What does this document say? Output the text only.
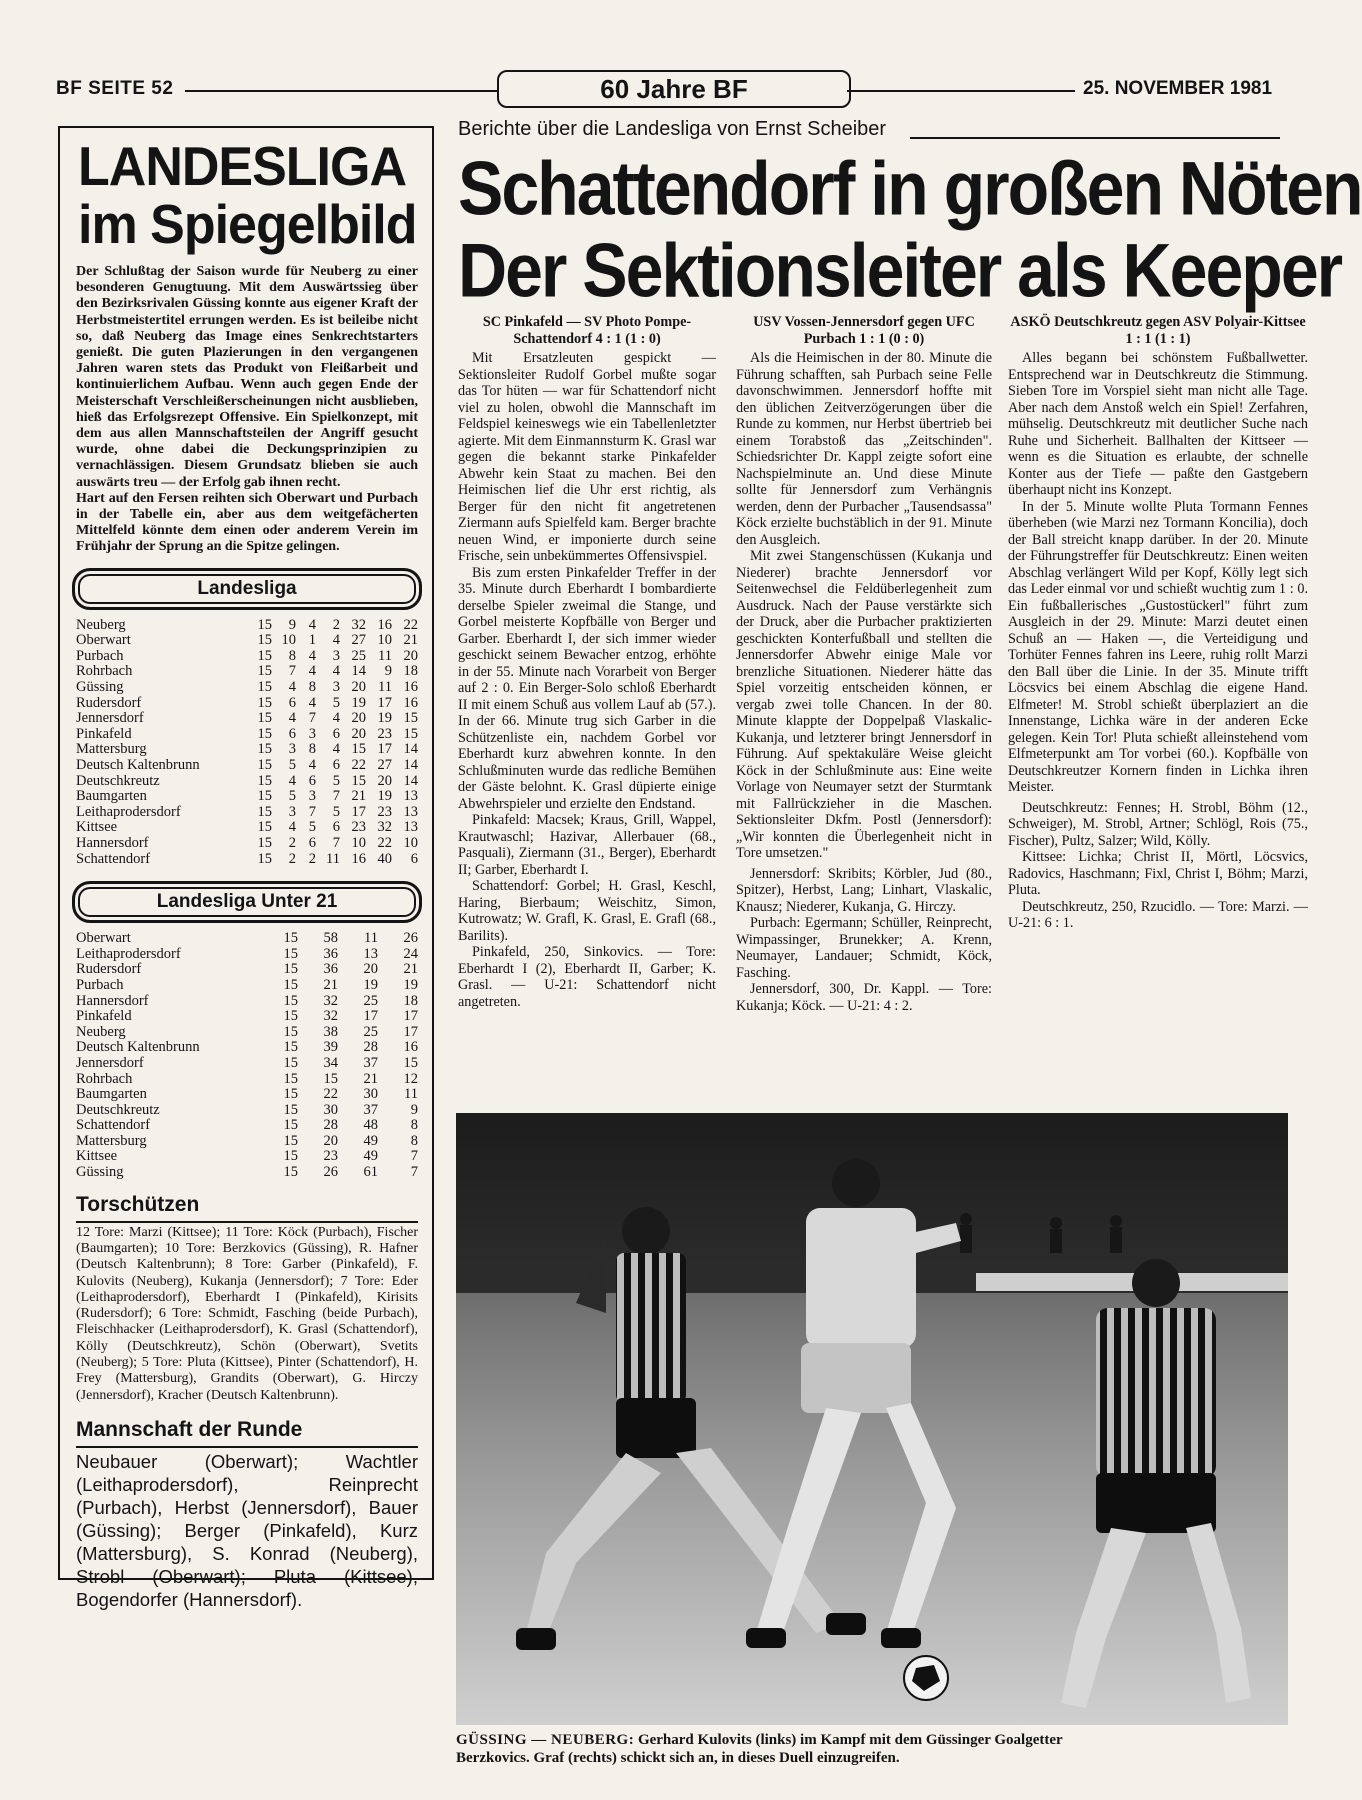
BF SEITE 52	60 Jahre BF	25. NOVEMBER 1981
Berichte über die Landesliga von Ernst Scheiber
Schattendorf in großen Nöten
Der Sektionsleiter als Keeper
LANDESLIGA
im Spiegelbild
Der Schlußtag der Saison wurde für Neuberg zu einer besonderen Genugtuung. Mit dem Auswärtssieg über den Bezirksrivalen Güssing konnte aus eigener Kraft der Herbstmeistertitel errungen werden. Es ist beileibe nicht so, daß Neuberg das Image eines Senkrechtstarters genießt. Die guten Plazierungen in den vergangenen Jahren waren stets das Produkt von Fleißarbeit und kontinuierlichem Aufbau. Wenn auch gegen Ende der Meisterschaft Verschleißerscheinungen nicht ausblieben, hieß das Erfolgsrezept Offensive. Ein Spielkonzept, mit dem aus allen Mannschaftsteilen der Angriff gesucht wurde, ohne dabei die Deckungsprinzipien zu vernachlässigen. Diesem Grundsatz blieben sie auch auswärts treu — der Erfolg gab ihnen recht.
Hart auf den Fersen reihten sich Oberwart und Purbach in der Tabelle ein, aber aus dem weitgefächerten Mittelfeld könnte dem einen oder anderem Verein im Frühjahr der Sprung an die Spitze gelingen.
Landesliga
Neuberg	15	9	4	2	32	16	22
Oberwart	15	10	1	4	27	10	21
Purbach	15	8	4	3	25	11	20
Rohrbach	15	7	4	4	14	9	18
Güssing	15	4	8	3	20	11	16
Rudersdorf	15	6	4	5	19	17	16
Jennersdorf	15	4	7	4	20	19	15
Pinkafeld	15	6	3	6	20	23	15
Mattersburg	15	3	8	4	15	17	14
Deutsch Kaltenbrunn	15	5	4	6	22	27	14
Deutschkreutz	15	4	6	5	15	20	14
Baumgarten	15	5	3	7	21	19	13
Leithaprodersdorf	15	3	7	5	17	23	13
Kittsee	15	4	5	6	23	32	13
Hannersdorf	15	2	6	7	10	22	10
Schattendorf	15	2	2	11	16	40	6
Landesliga Unter 21
Oberwart	15	58	11	26
Leithaprodersdorf	15	36	13	24
Rudersdorf	15	36	20	21
Purbach	15	21	19	19
Hannersdorf	15	32	25	18
Pinkafeld	15	32	17	17
Neuberg	15	38	25	17
Deutsch Kaltenbrunn	15	39	28	16
Jennersdorf	15	34	37	15
Rohrbach	15	15	21	12
Baumgarten	15	22	30	11
Deutschkreutz	15	30	37	9
Schattendorf	15	28	48	8
Mattersburg	15	20	49	8
Kittsee	15	23	49	7
Güssing	15	26	61	7
Torschützen
12 Tore: Marzi (Kittsee); 11 Tore: Köck (Purbach), Fischer (Baumgarten); 10 Tore: Berzkovics (Güssing), R. Hafner (Deutsch Kaltenbrunn); 8 Tore: Garber (Pinkafeld), F. Kulovits (Neuberg), Kukanja (Jennersdorf); 7 Tore: Eder (Leithaprodersdorf), Eberhardt I (Pinkafeld), Kirisits (Rudersdorf); 6 Tore: Schmidt, Fasching (beide Purbach), Fleischhacker (Leithaprodersdorf), K. Grasl (Schattendorf), Kölly (Deutschkreutz), Schön (Oberwart), Svetits (Neuberg); 5 Tore: Pluta (Kittsee), Pinter (Schattendorf), H. Frey (Mattersburg), Grandits (Oberwart), G. Hirczy (Jennersdorf), Kracher (Deutsch Kaltenbrunn).
Mannschaft der Runde
Neubauer (Oberwart); Wachtler (Leithaprodersdorf), Reinprecht (Purbach), Herbst (Jennersdorf), Bauer (Güssing); Berger (Pinkafeld), Kurz (Mattersburg), S. Konrad (Neuberg), Strobl (Oberwart); Pluta (Kittsee), Bogendorfer (Hannersdorf).
SC Pinkafeld — SV Photo Pompe-Schattendorf 4 : 1 (1 : 0)

Mit Ersatzleuten gespickt — Sektionsleiter Rudolf Gorbel mußte sogar das Tor hüten — war für Schattendorf nicht viel zu holen, obwohl die Mannschaft im Feldspiel keineswegs wie ein Tabellenletzter agierte. Mit dem Einmannsturm K. Grasl war gegen die bekannt starke Pinkafelder Abwehr kein Staat zu machen. Bei den Heimischen lief die Uhr erst richtig, als Berger für den nicht fit angetretenen Ziermann aufs Spielfeld kam. Berger brachte neuen Wind, er imponierte durch seine Frische, sein unbekümmertes Offensivspiel.

Bis zum ersten Pinkafelder Treffer in der 35. Minute durch Eberhardt I bombardierte derselbe Spieler zweimal die Stange, und Gorbel meisterte Kopfbälle von Berger und Garber. Eberhardt I, der sich immer wieder geschickt seinem Bewacher entzog, erhöhte in der 55. Minute nach Vorarbeit von Berger auf 2 : 0. Ein Berger-Solo schloß Eberhardt II mit einem Schuß aus vollem Lauf ab (57.). In der 66. Minute trug sich Garber in die Schützenliste ein, nachdem Gorbel vor Eberhardt kurz abwehren konnte. In den Schlußminuten wurde das redliche Bemühen der Gäste belohnt. K. Grasl düpierte einige Abwehrspieler und erzielte den Endstand.

Pinkafeld: Macsek; Kraus, Grill, Wappel, Krautwaschl; Hazivar, Allerbauer (68., Pasquali), Ziermann (31., Berger), Eberhardt II; Garber, Eberhardt I.

Schattendorf: Gorbel; H. Grasl, Keschl, Haring, Bierbaum; Weischitz, Simon, Kutrowatz; W. Grafl, K. Grasl, E. Grafl (68., Barilits).

Pinkafeld, 250, Sinkovics. — Tore: Eberhardt I (2), Eberhardt II, Garber; K. Grasl. — U-21: Schattendorf nicht angetreten.

USV Vossen-Jennersdorf gegen UFC Purbach 1 : 1 (0 : 0)

Als die Heimischen in der 80. Minute die Führung schafften, sah Purbach seine Felle davonschwimmen. Jennersdorf hoffte mit den üblichen Zeitverzögerungen über die Runde zu kommen, nur Herbst übertrieb bei einem Torabstoß das „Zeitschinden". Schiedsrichter Dr. Kappl zeigte sofort eine Nachspielminute an. Und diese Minute sollte für Jennersdorf zum Verhängnis werden, denn der Purbacher „Tausendsassa" Köck erzielte buchstäblich in der 91. Minute den Ausgleich.

Mit zwei Stangenschüssen (Kukanja und Niederer) brachte Jennersdorf vor Seitenwechsel die Feldüberlegenheit zum Ausdruck. Nach der Pause verstärkte sich der Druck, aber die Purbacher praktizierten geschickten Konterfußball und stellten die Jennersdorfer Abwehr einige Male vor brenzliche Situationen. Niederer hätte das Spiel vorzeitig entscheiden können, er vergab zwei tolle Chancen. In der 80. Minute klappte der Doppelpaß Vlaskalic-Kukanja, und letzterer bringt Jennersdorf in Führung. Auf spektakuläre Weise gleicht Köck in der Schlußminute aus: Eine weite Vorlage von Neumayer setzt der Sturmtank mit Fallrückzieher in die Maschen. Sektionsleiter Dkfm. Postl (Jennersdorf): „Wir konnten die Überlegenheit nicht in Tore umsetzen."

Jennersdorf: Skribits; Körbler, Jud (80., Spitzer), Herbst, Lang; Linhart, Vlaskalic, Knausz; Niederer, Kukanja, G. Hirczy.

Purbach: Egermann; Schüller, Reinprecht, Wimpassinger, Brunekker; A. Krenn, Neumayer, Landauer; Schmidt, Köck, Fasching.

Jennersdorf, 300, Dr. Kappl. — Tore: Kukanja; Köck. — U-21: 4 : 2.

ASKÖ Deutschkreutz gegen ASV Polyair-Kittsee 1 : 1 (1 : 1)

Alles begann bei schönstem Fußballwetter. Entsprechend war in Deutschkreutz die Stimmung. Sieben Tore im Vorspiel sieht man nicht alle Tage. Aber nach dem Anstoß welch ein Spiel! Zerfahren, mühselig. Deutschkreutz mit deutlicher Suche nach Ruhe und Sicherheit. Ballhalten der Kittseer — wenn es die Situation es erlaubte, der schnelle Konter aus der Tiefe — paßte den Gastgebern überhaupt nicht ins Konzept.

In der 5. Minute wollte Pluta Tormann Fennes überheben (wie Marzi nez Tormann Koncilia), doch der Ball streicht knapp darüber. In der 20. Minute der Führungstreffer für Deutschkreutz: Einen weiten Abschlag verlängert Wild per Kopf, Kölly legt sich das Leder einmal vor und schießt wuchtig zum 1 : 0. Ein fußballerisches „Gustostückerl" führt zum Ausgleich in der 29. Minute: Marzi deutet einen Schuß an — Haken —, die Verteidigung und Torhüter Fennes fahren ins Leere, ruhig rollt Marzi den Ball über die Linie. In der 35. Minute trifft Löcsvics bei einem Abschlag die eigene Hand. Elfmeter! M. Strobl schießt überplaziert an die Innenstange, Lichka wäre in der anderen Ecke gelegen. Kein Tor! Pluta schießt alleinstehend vom Elfmeterpunkt am Tor vorbei (60.). Kopfbälle von Deutschkreutzer Kornern finden in Lichka ihren Meister.

Deutschkreutz: Fennes; H. Strobl, Böhm (12., Schweiger), M. Strobl, Artner; Schlögl, Rois (75., Fischer), Pultz, Salzer; Wild, Kölly.

Kittsee: Lichka; Christ II, Mörtl, Löcsvics, Radovics, Haschmann; Fixl, Christ I, Böhm; Marzi, Pluta.

Deutschkreutz, 250, Rzucidlo. — Tore: Marzi. — U-21: 6 : 1.

GÜSSING — NEUBERG: Gerhard Kulovits (links) im Kampf mit dem Güssinger Goalgetter
Berzkovics. Graf (rechts) schickt sich an, in dieses Duell einzugreifen.
